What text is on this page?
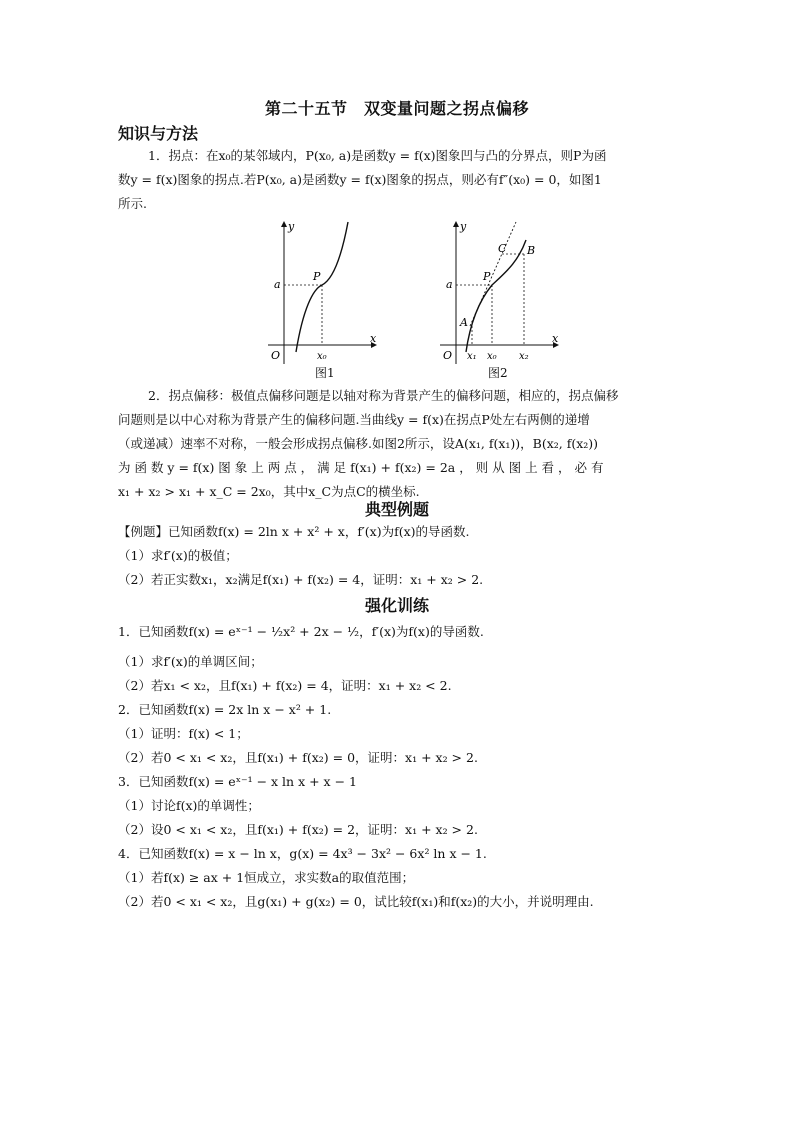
第二十五节　双变量问题之拐点偏移
知识与方法
1．拐点：在x₀的某邻域内，P(x₀, a)是函数y = f(x)图象凹与凸的分界点，则P为函
数y = f(x)图象的拐点.若P(x₀, a)是函数y = f(x)图象的拐点，则必有f″(x₀) = 0，如图1
所示.
y
x
O
a
P
x₀
图1
y
x
O
a
P
A
B
C
x₁ x₀ x₂
图2
2．拐点偏移：极值点偏移问题是以轴对称为背景产生的偏移问题，相应的，拐点偏移
问题则是以中心对称为背景产生的偏移问题.当曲线y = f(x)在拐点P处左右两侧的递增
（或递减）速率不对称，一般会形成拐点偏移.如图2所示，设A(x₁, f(x₁))，B(x₂, f(x₂))
为 函 数 y = f(x) 图 象 上 两 点 ， 满 足 f(x₁) + f(x₂) = 2a ， 则 从 图 上 看 ， 必 有
x₁ + x₂ > x₁ + x_C = 2x₀，其中x_C为点C的横坐标.
典型例题
【例题】已知函数f(x) = 2ln x + x² + x，f′(x)为f(x)的导函数.
（1）求f′(x)的极值；
（2）若正实数x₁，x₂满足f(x₁) + f(x₂) = 4，证明：x₁ + x₂ > 2.
强化训练
1．已知函数f(x) = eˣ⁻¹ − ½x² + 2x − ½，f′(x)为f(x)的导函数.
（1）求f′(x)的单调区间；
（2）若x₁ < x₂，且f(x₁) + f(x₂) = 4，证明：x₁ + x₂ < 2.
2．已知函数f(x) = 2x ln x − x² + 1.
（1）证明：f(x) < 1；
（2）若0 < x₁ < x₂，且f(x₁) + f(x₂) = 0，证明：x₁ + x₂ > 2.
3．已知函数f(x) = eˣ⁻¹ − x ln x + x − 1
（1）讨论f(x)的单调性；
（2）设0 < x₁ < x₂，且f(x₁) + f(x₂) = 2，证明：x₁ + x₂ > 2.
4．已知函数f(x) = x − ln x，g(x) = 4x³ − 3x² − 6x² ln x − 1.
（1）若f(x) ≥ ax + 1恒成立，求实数a的取值范围；
（2）若0 < x₁ < x₂，且g(x₁) + g(x₂) = 0，试比较f(x₁)和f(x₂)的大小，并说明理由.
